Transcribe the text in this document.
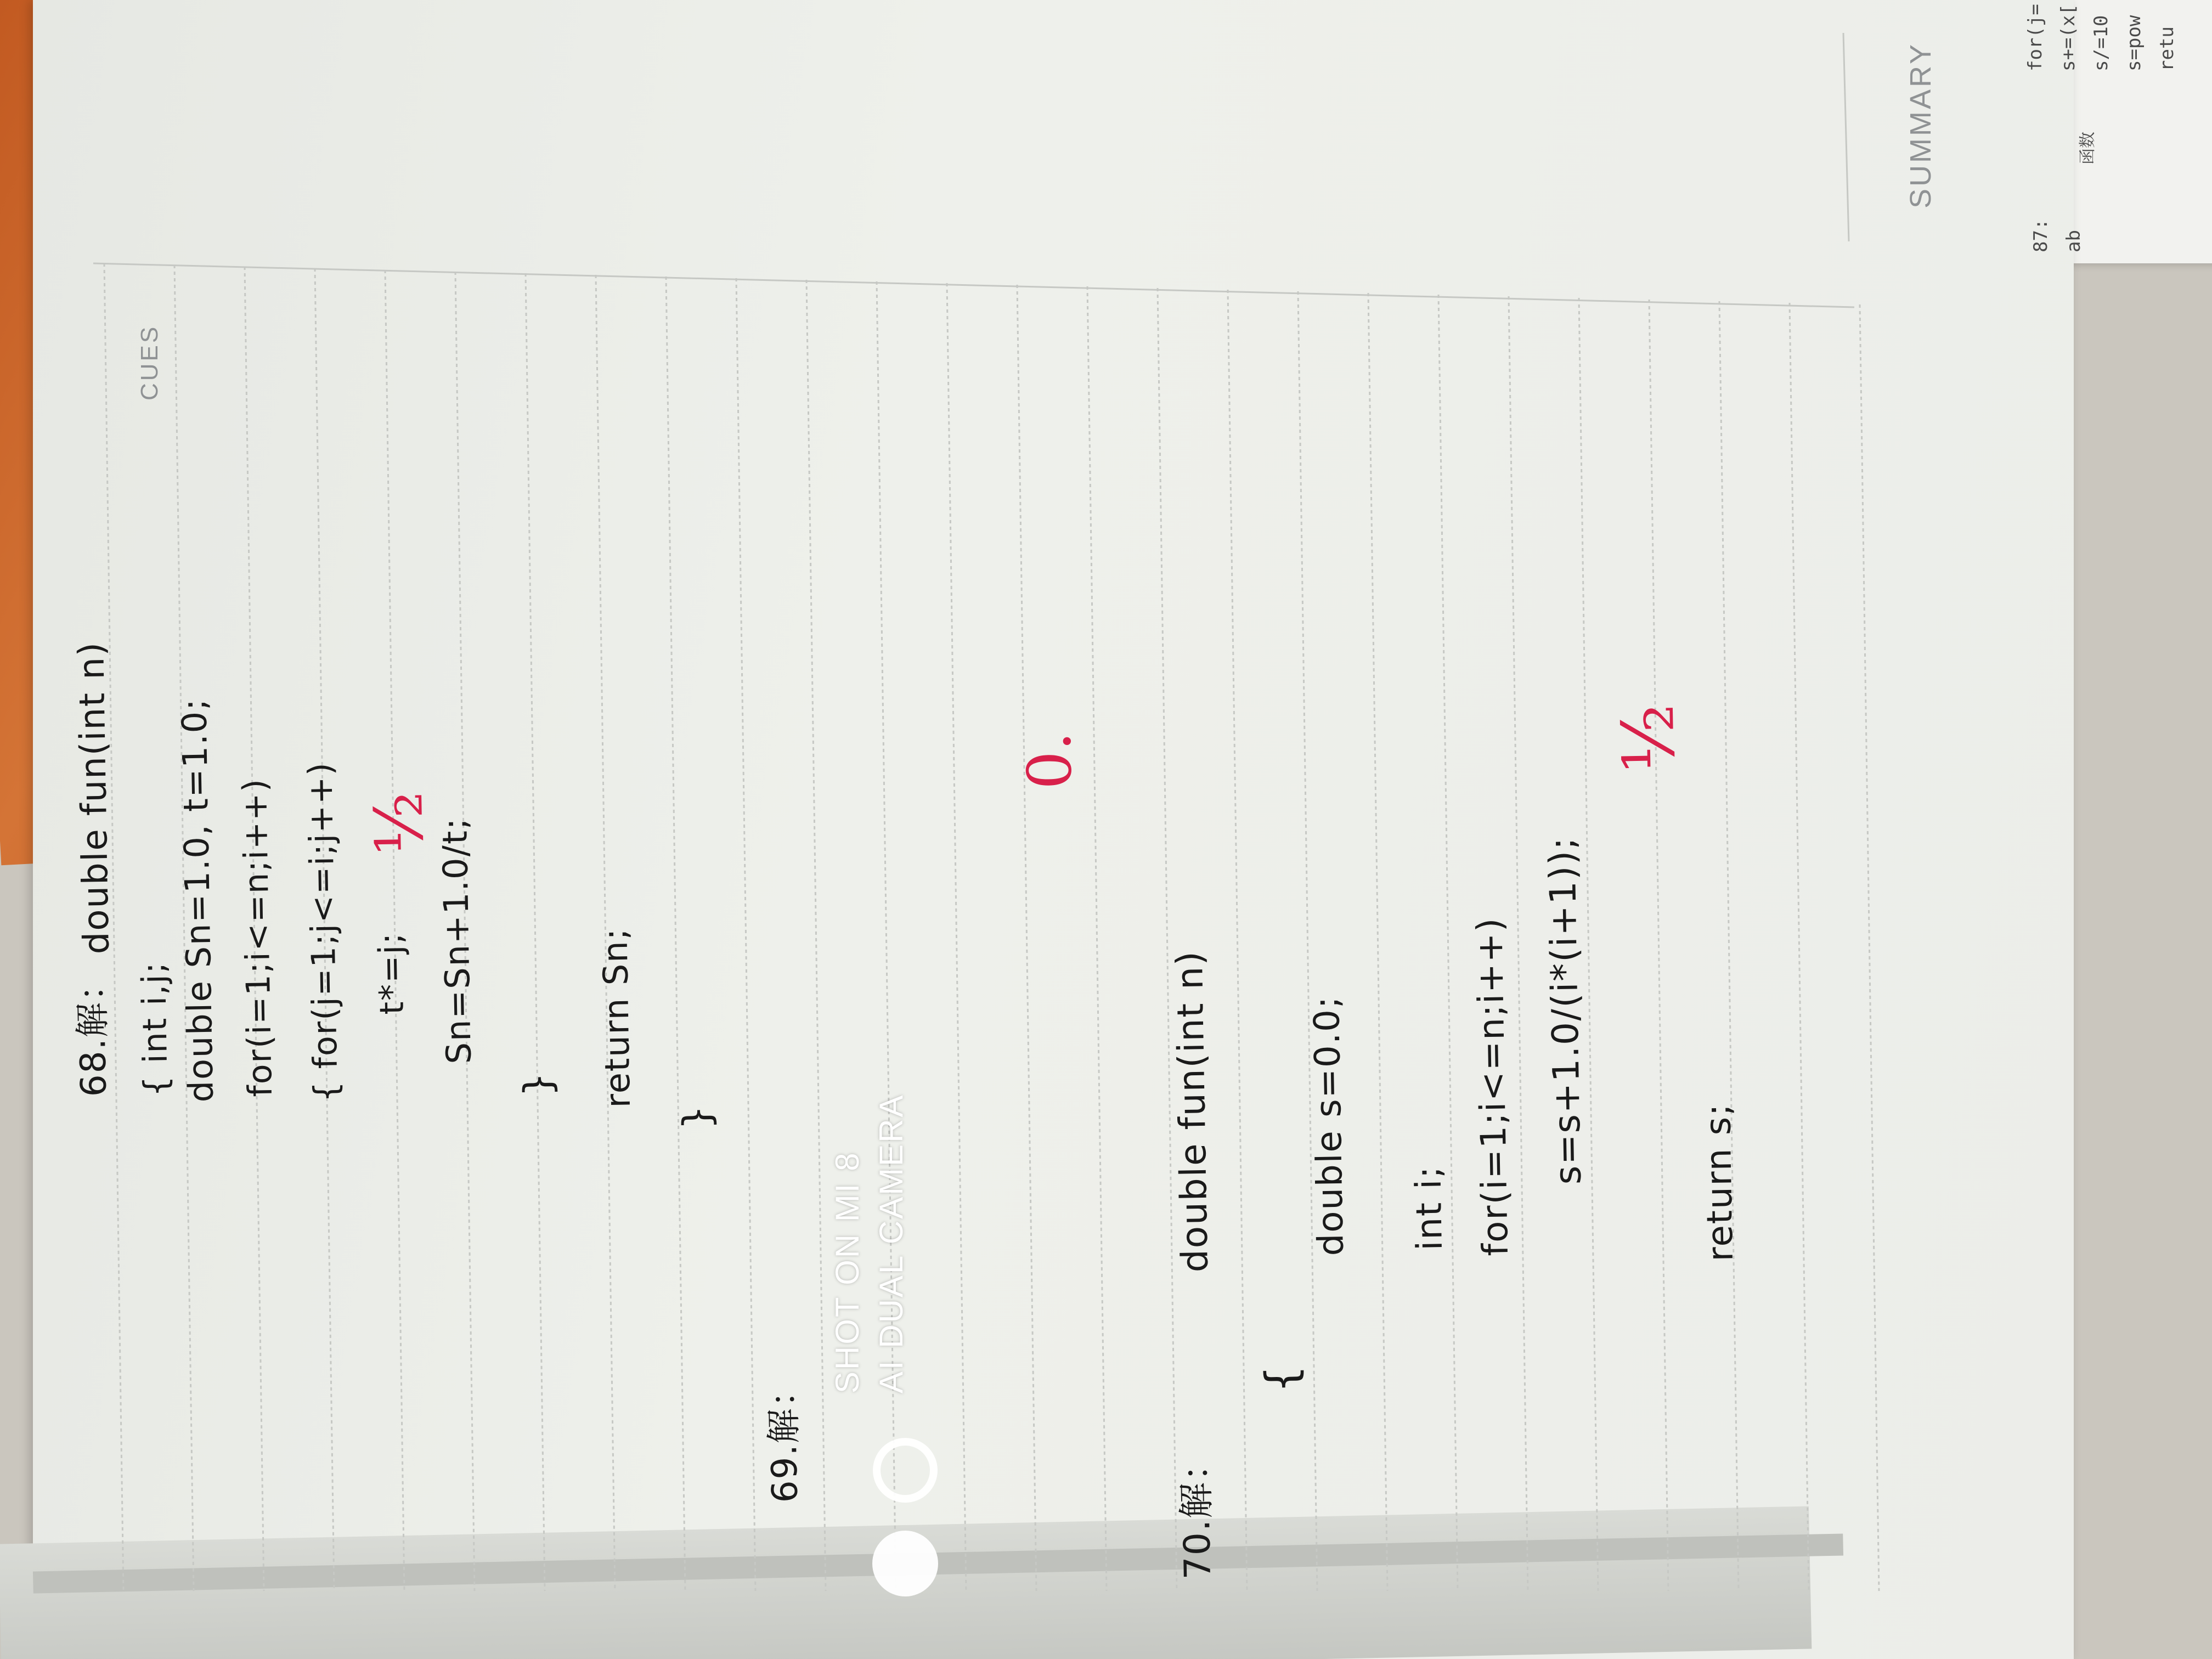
CUES
SUMMARY
for(j= s+=(x[ s/=10 s=pow retu
87: ab
函数
68.解：
double fun(int n)
{ int i,j;
double Sn=1.0, t=1.0; for(i=1;i<=n;i++) { for(j=1;j<=i;j++) t*=j; Sn=Sn+1.0/t;
} return Sn;
}
½
69.解：
0.
70.解：
double fun(int n)
{
double s=0.0; int i; for(i=1;i<=n;i++) s=s+1.0/(i*(i+1));	return s;
½
SHOT ON MI 8 AI DUAL CAMERA
